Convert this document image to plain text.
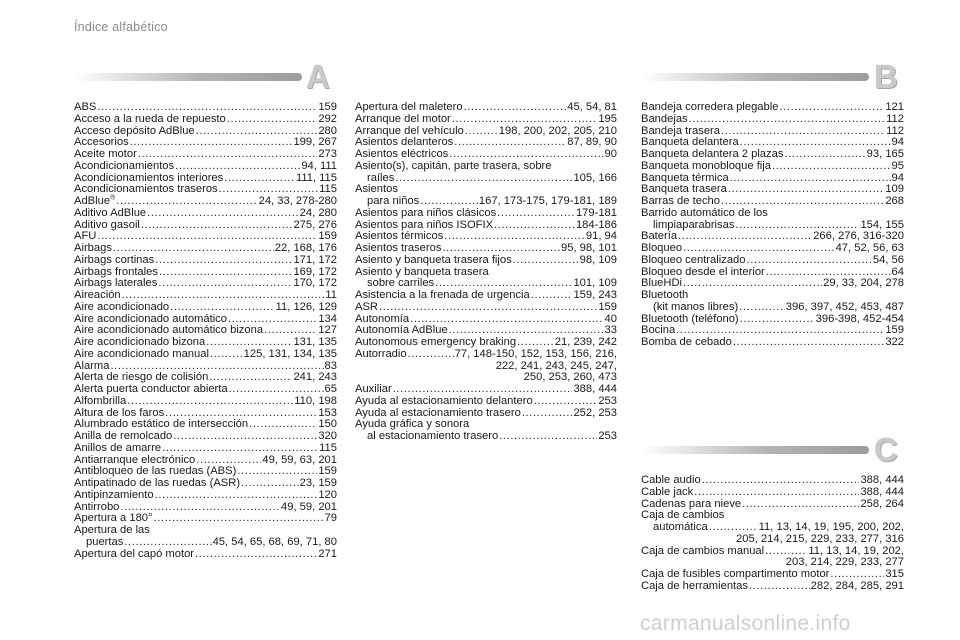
Índice alfabético
A	B
C
ABS .....	159
Acceso a la rueda de repuesto .....	292
Acceso depósito AdBlue .....	280
Accesorios .....	199, 267
Aceite motor .....	273
Acondicionamientos .....	94, 111
Acondicionamientos interiores .....	111, 115
Acondicionamientos traseros .....	115
AdBlue® .....	24, 33, 278-280
Aditivo AdBlue .....	24, 280
Aditivo gasoil .....	275, 276
AFU .....	159
Airbags .....	22, 168, 176
Airbags cortinas .....	171, 172
Airbags frontales .....	169, 172
Airbags laterales .....	170, 172
Aireación .....	11
Aire acondicionado .....	11, 126, 129
Aire acondicionado automático .....	134
Aire acondicionado automático bizona .....	127
Aire acondicionado bizona .....	131, 135
Aire acondicionado manual .....	125, 131, 134, 135
Alarma .....	83
Alerta de riesgo de colisión .....	241, 243
Alerta puerta conductor abierta .....	65
Alfombrilla .....	110, 198
Altura de los faros .....	153
Alumbrado estático de intersección .....	150
Anilla de remolcado .....	320
Anillos de amarre .....	115
Antiarranque electrónico .....	49, 59, 63, 201
Antibloqueo de las ruedas (ABS) .....	159
Antipatinado de las ruedas (ASR) .....	23, 159
Antipinzamiento .....	120
Antirrobo .....	49, 59, 201
Apertura a 180° .....	79
Apertura de las
puertas .....	45, 54, 65, 68, 69, 71, 80
Apertura del capó motor .....	271
Apertura del maletero .....	45, 54, 81
Arranque del motor .....	195
Arranque del vehículo .....	198, 200, 202, 205, 210
Asientos delanteros .....	87, 89, 90
Asientos eléctricos .....	90
Asiento(s), capitán, parte trasera, sobre
raíles .....	105, 166
Asientos
para niños .....	167, 173-175, 179-181, 189
Asientos para niños clásicos .....	179-181
Asientos para niños ISOFIX .....	184-186
Asientos térmicos .....	91, 94
Asientos traseros .....	95, 98, 101
Asiento y banqueta trasera fijos .....	98, 109
Asiento y banqueta trasera
sobre carriles .....	101, 109
Asistencia a la frenada de urgencia .....	159, 243
ASR .....	159
Autonomía .....	40
Autonomía AdBlue .....	33
Autonomous emergency braking .....	21, 239, 242
Autorradio .....	77, 148-150, 152, 153, 156, 216,
222, 241, 243, 245, 247,
250, 253, 260, 473
Auxiliar .....	388, 444
Ayuda al estacionamiento delantero .....	253
Ayuda al estacionamiento trasero .....	252, 253
Ayuda gráfica y sonora
al estacionamiento trasero .....	253
Bandeja corredera plegable .....	121
Bandejas .....	112
Bandeja trasera .....	112
Banqueta delantera .....	94
Banqueta delantera 2 plazas .....	93, 165
Banqueta monobloque fija .....	95
Banqueta térmica .....	94
Banqueta trasera .....	109
Barras de techo .....	268
Barrido automático de los
limpiaparabrisas .....	154, 155
Batería .....	266, 276, 316-320
Bloqueo .....	47, 52, 56, 63
Bloqueo centralizado .....	54, 56
Bloqueo desde el interior .....	64
BlueHDi .....	29, 33, 204, 278
Bluetooth
(kit manos libres) .....	396, 397, 452, 453, 487
Bluetooth (teléfono) .....	396-398, 452-454
Bocina .....	159
Bomba de cebado .....	322
Cable audio .....	388, 444
Cable jack .....	388, 444
Cadenas para nieve .....	258, 264
Caja de cambios
automática .....	11, 13, 14, 19, 195, 200, 202,
205, 214, 215, 229, 233, 277, 316
Caja de cambios manual .....	11, 13, 14, 19, 202,
203, 214, 229, 233, 277
Caja de fusibles compartimento motor .....	315
Caja de herramientas .....	282, 284, 285, 291
carmanualsonline.info
